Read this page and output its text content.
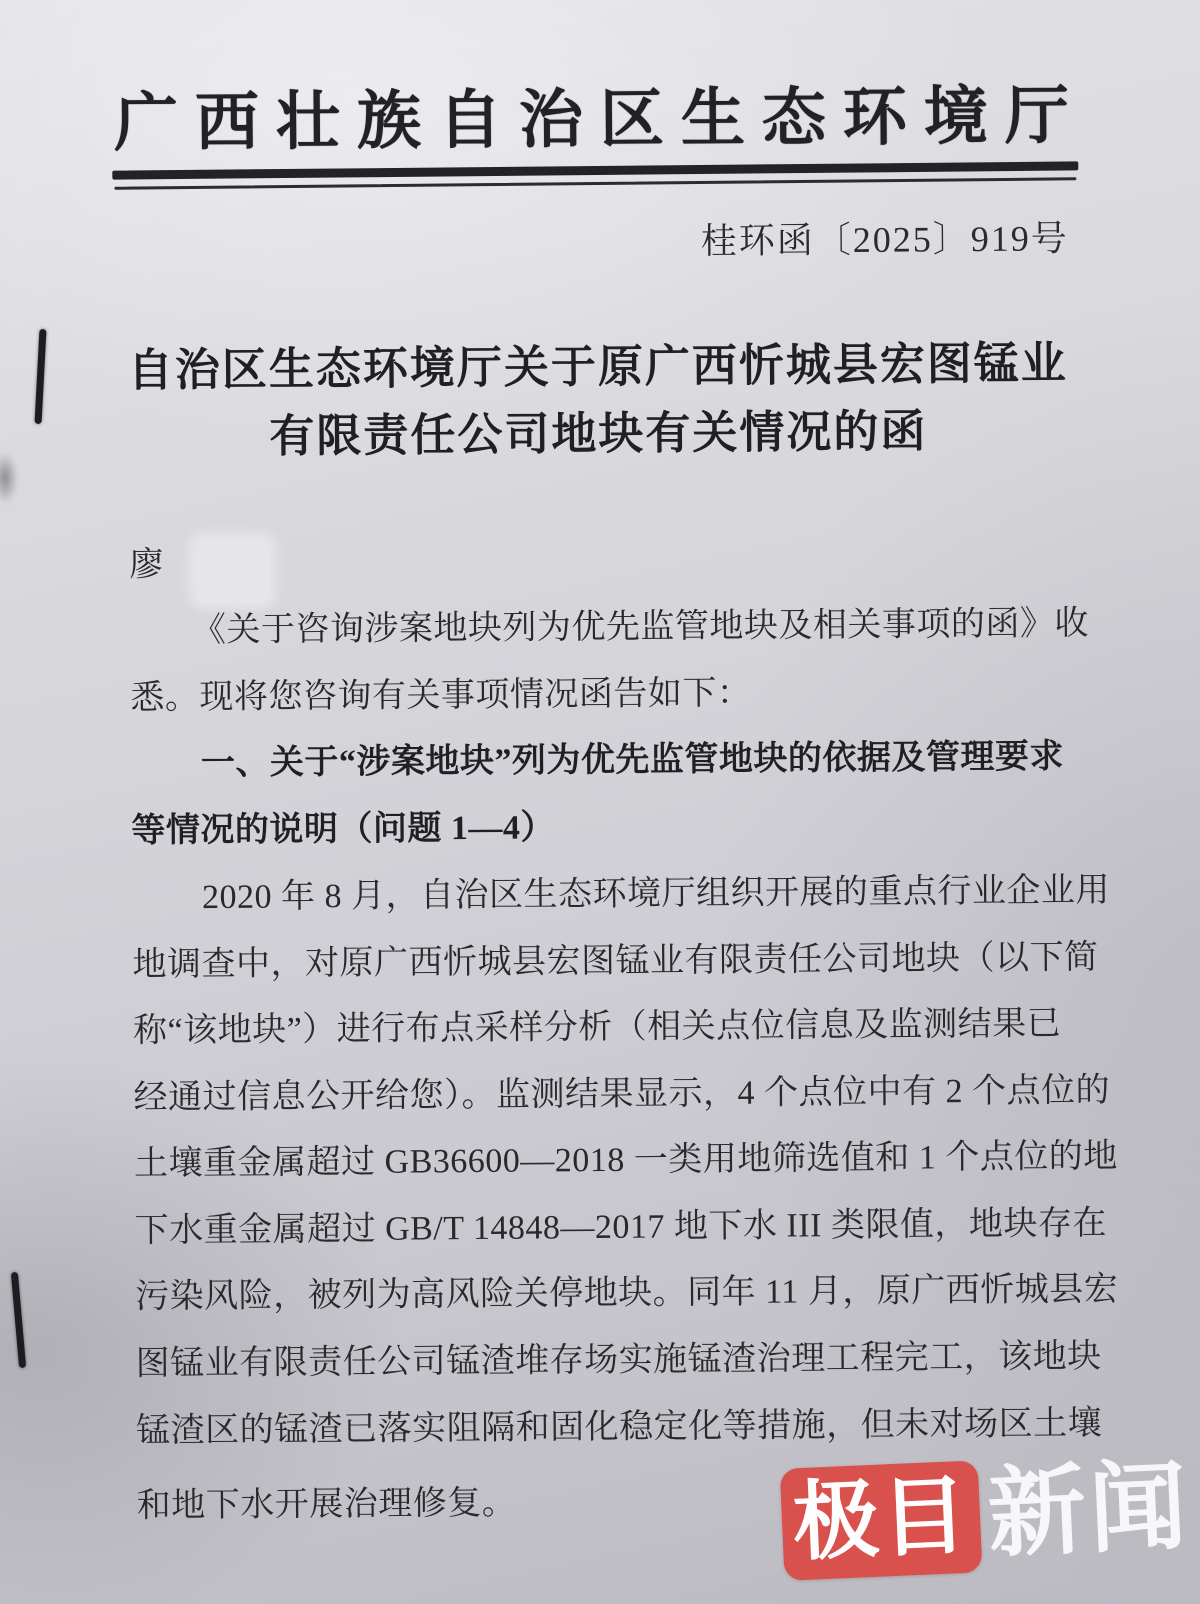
广西壮族自治区生态环境厅
桂环函〔2025〕919号
自治区生态环境厅关于原广西忻城县宏图锰业
有限责任公司地块有关情况的函
廖
《关于咨询涉案地块列为优先监管地块及相关事项的函》收
悉。现将您咨询有关事项情况函告如下：
一、关于“涉案地块”列为优先监管地块的依据及管理要求
等情况的说明（问题 1—4）
2020 年 8 月，自治区生态环境厅组织开展的重点行业企业用
地调查中，对原广西忻城县宏图锰业有限责任公司地块（以下简
称“该地块”）进行布点采样分析（相关点位信息及监测结果已
经通过信息公开给您）。监测结果显示，4 个点位中有 2 个点位的
土壤重金属超过 GB36600—2018 一类用地筛选值和 1 个点位的地
下水重金属超过 GB/T 14848—2017 地下水 III 类限值，地块存在
污染风险，被列为高风险关停地块。同年 11 月，原广西忻城县宏
图锰业有限责任公司锰渣堆存场实施锰渣治理工程完工，该地块
锰渣区的锰渣已落实阻隔和固化稳定化等措施，但未对场区土壤
和地下水开展治理修复。	极目 新闻
